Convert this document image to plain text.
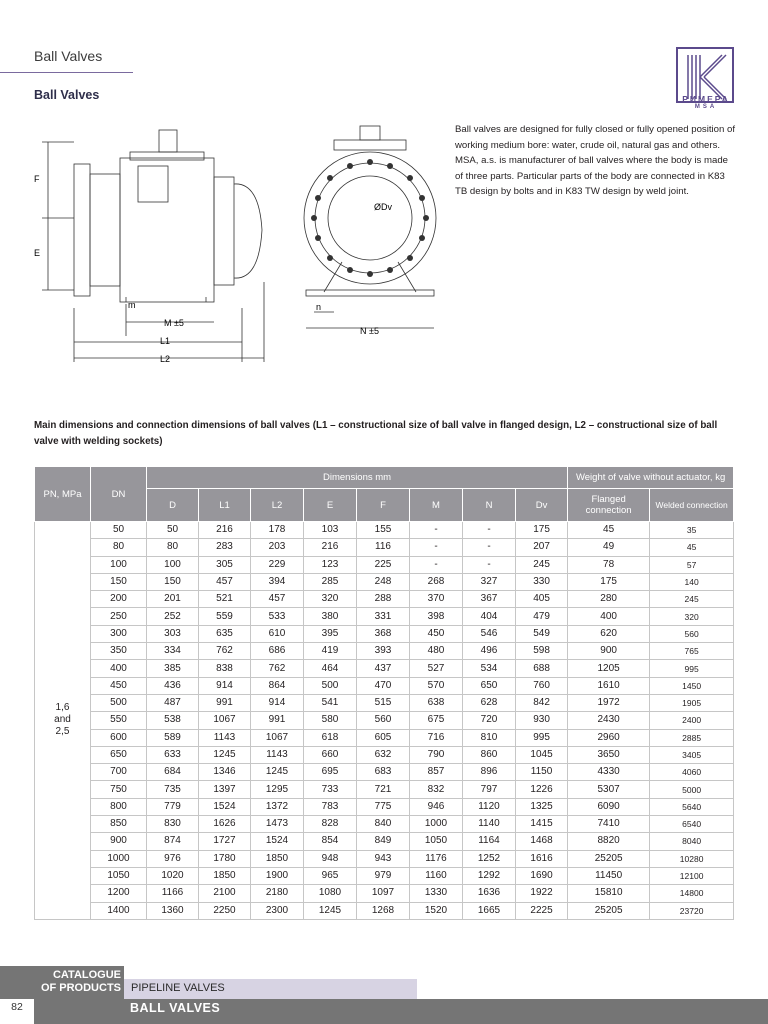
Ball Valves
Ball Valves	РИМЕРА
MSA
F
E
m
M ±5
L1
L2
n
N ±5
ØDv
Ball valves are designed for fully closed or fully opened position of working medium bore: water, crude oil, natural gas and others. MSA, a.s. is manufacturer of ball valves where the body is made of three parts. Particular parts of the body are connected in K83 TB design by bolts and in K83 TW design by weld joint.
Main dimensions and connection dimensions of ball valves (L1 – constructional size of ball valve in flanged design, L2 – constructional size of ball valve with welding sockets)
PN, MPa	DN	Dimensions mm								Weight of valve without actuator, kg	
		D	L1	L2	E	F	M	N	Dv	Flanged connection	Welded connection
1,6
and
2,5	50	50	216	178	103	155	-	-	175	45	35
	80	80	283	203	216	116	-	-	207	49	45
	100	100	305	229	123	225	-	-	245	78	57
	150	150	457	394	285	248	268	327	330	175	140
	200	201	521	457	320	288	370	367	405	280	245
	250	252	559	533	380	331	398	404	479	400	320
	300	303	635	610	395	368	450	546	549	620	560
	350	334	762	686	419	393	480	496	598	900	765
	400	385	838	762	464	437	527	534	688	1205	995
	450	436	914	864	500	470	570	650	760	1610	1450
	500	487	991	914	541	515	638	628	842	1972	1905
	550	538	1067	991	580	560	675	720	930	2430	2400
	600	589	1143	1067	618	605	716	810	995	2960	2885
	650	633	1245	1143	660	632	790	860	1045	3650	3405
	700	684	1346	1245	695	683	857	896	1150	4330	4060
	750	735	1397	1295	733	721	832	797	1226	5307	5000
	800	779	1524	1372	783	775	946	1120	1325	6090	5640
	850	830	1626	1473	828	840	1000	1140	1415	7410	6540
	900	874	1727	1524	854	849	1050	1164	1468	8820	8040
	1000	976	1780	1850	948	943	1176	1252	1616	25205	10280
	1050	1020	1850	1900	965	979	1160	1292	1690	11450	12100
	1200	1166	2100	2180	1080	1097	1330	1636	1922	15810	14800
	1400	1360	2250	2300	1245	1268	1520	1665	2225	25205	23720
CATALOGUE
OF PRODUCTS PIPELINE VALVES
BALL VALVES
82
